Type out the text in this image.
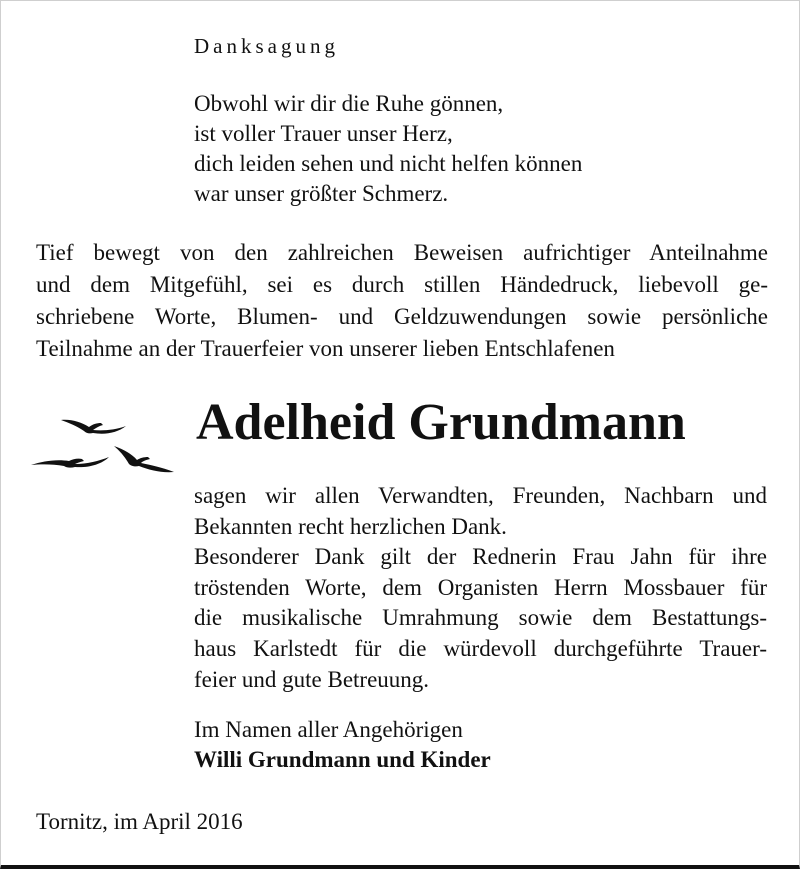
Danksagung
Obwohl wir dir die Ruhe gönnen,
ist voller Trauer unser Herz,
dich leiden sehen und nicht helfen können
war unser größter Schmerz.
Tief bewegt von den zahlreichen Beweisen aufrichtiger Anteilnahme
und dem Mitgefühl, sei es durch stillen Händedruck, liebevoll ge-
schriebene Worte, Blumen- und Geldzuwendungen sowie persönliche
Teilnahme an der Trauerfeier von unserer lieben Entschlafenen
Adelheid Grundmann
sagen wir allen Verwandten, Freunden, Nachbarn und
Bekannten recht herzlichen Dank.
Besonderer Dank gilt der Rednerin Frau Jahn für ihre
tröstenden Worte, dem Organisten Herrn Mossbauer für
die musikalische Umrahmung sowie dem Bestattungs-
haus Karlstedt für die würdevoll durchgeführte Trauer-
feier und gute Betreuung.
Im Namen aller Angehörigen
Willi Grundmann und Kinder
Tornitz, im April 2016
